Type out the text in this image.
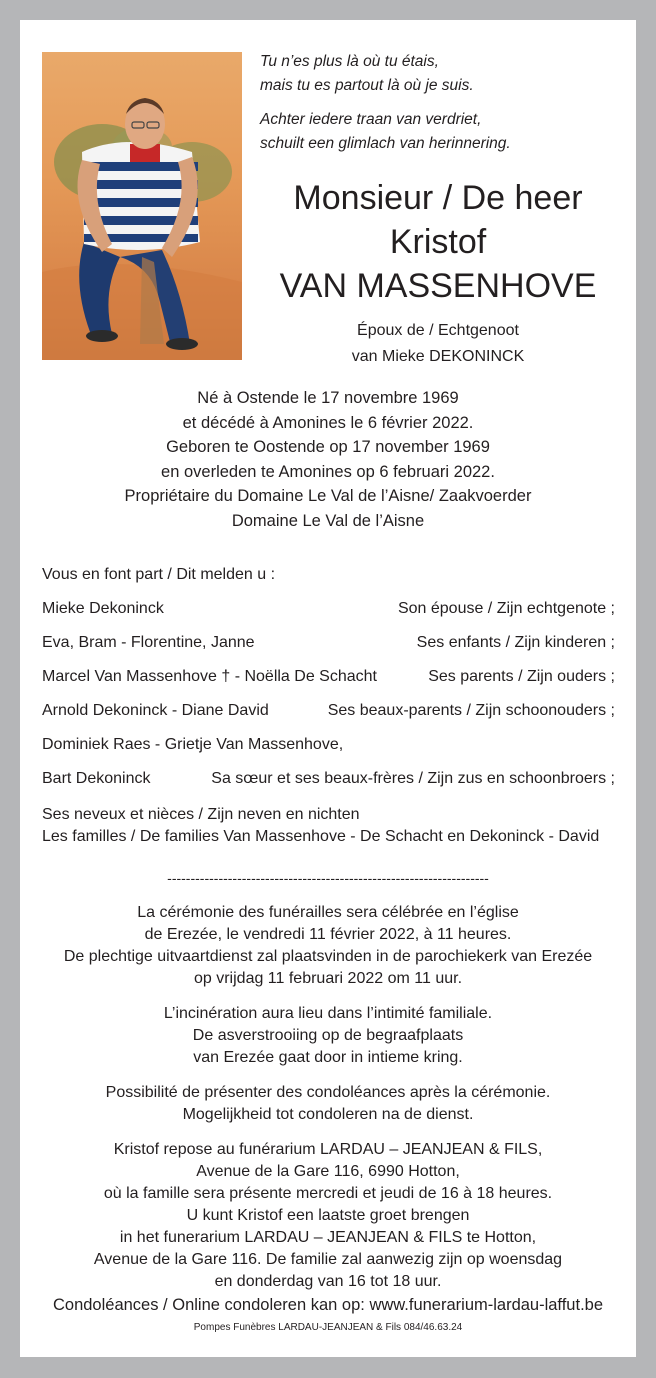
Tu n’es plus là où tu étais,
mais tu es partout là où je suis.
Achter iedere traan van verdriet,
schuilt een glimlach van herinnering.
Monsieur / De heer
Kristof
VAN MASSENHOVE
Époux de / Echtgenoot
van Mieke DEKONINCK
Né à Ostende le 17 novembre 1969
et décédé à Amonines le 6 février 2022.
Geboren te Oostende op 17 november 1969
en overleden te Amonines op 6 februari 2022.
Propriétaire du Domaine Le Val de l’Aisne/ Zaakvoerder
Domaine Le Val de l’Aisne
Vous en font part / Dit melden u :
Mieke Dekoninck	Son épouse / Zijn echtgenote ;
Eva, Bram - Florentine, Janne	Ses enfants / Zijn kinderen ;
Marcel Van Massenhove † - Noëlla De Schacht	Ses parents / Zijn ouders ;
Arnold Dekoninck - Diane David	Ses beaux-parents / Zijn schoonouders ;
Dominiek Raes - Grietje Van Massenhove,
Bart Dekoninck	Sa sœur et ses beaux-frères / Zijn zus en schoonbroers ;
Ses neveux et nièces / Zijn neven en nichten
Les familles / De families Van Massenhove - De Schacht en Dekoninck - David
---------------------------------------------------------------------
La cérémonie des funérailles sera célébrée en l’église
de Erezée, le vendredi 11 février 2022, à 11 heures.
De plechtige uitvaartdienst zal plaatsvinden in de parochiekerk van Erezée
op vrijdag 11 februari 2022 om 11 uur.
L’incinération aura lieu dans l’intimité familiale.
De asverstrooiing op de begraafplaats
van Erezée gaat door in intieme kring.
Possibilité de présenter des condoléances après la cérémonie.
Mogelijkheid tot condoleren na de dienst.
Kristof repose au funérarium LARDAU – JEANJEAN & FILS,
Avenue de la Gare 116, 6990 Hotton,
où la famille sera présente mercredi et jeudi de 16 à 18 heures.
U kunt Kristof een laatste groet brengen
in het funerarium LARDAU – JEANJEAN & FILS te Hotton,
Avenue de la Gare 116. De familie zal aanwezig zijn op woensdag
en donderdag van 16 tot 18 uur.
Condoléances / Online condoleren kan op: www.funerarium-lardau-laffut.be
Pompes Funèbres LARDAU-JEANJEAN & Fils 084/46.63.24
